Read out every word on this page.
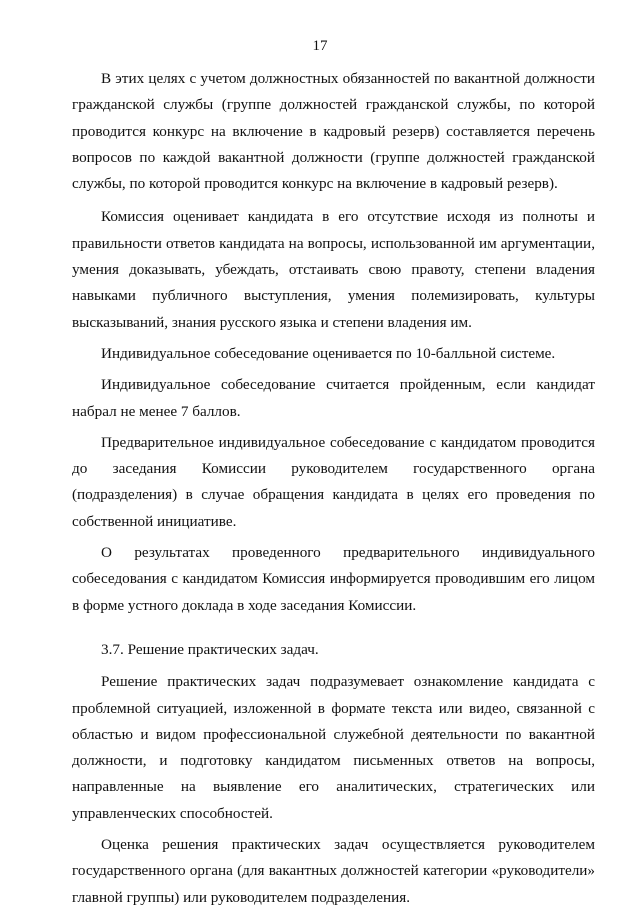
17

В этих целях с учетом должностных обязанностей по вакантной должности гражданской службы (группе должностей гражданской службы, по которой проводится конкурс на включение в кадровый резерв) составляется перечень вопросов по каждой вакантной должности (группе должностей гражданской службы, по которой проводится конкурс на включение в кадровый резерв).

Комиссия оценивает кандидата в его отсутствие исходя из полноты и правильности ответов кандидата на вопросы, использованной им аргументации, умения доказывать, убеждать, отстаивать свою правоту, степени владения навыками публичного выступления, умения полемизировать, культуры высказываний, знания русского языка и степени владения им.

Индивидуальное собеседование оценивается по 10-балльной системе.

Индивидуальное собеседование считается пройденным, если кандидат набрал не менее 7 баллов.

Предварительное индивидуальное собеседование с кандидатом проводится до заседания Комиссии руководителем государственного органа (подразделения) в случае обращения кандидата в целях его проведения по собственной инициативе.

О результатах проведенного предварительного индивидуального собеседования с кандидатом Комиссия информируется проводившим его лицом в форме устного доклада в ходе заседания Комиссии.

3.7. Решение практических задач.

Решение практических задач подразумевает ознакомление кандидата с проблемной ситуацией, изложенной в формате текста или видео, связанной с областью и видом профессиональной служебной деятельности по вакантной должности, и подготовку кандидатом письменных ответов на вопросы, направленные на выявление его аналитических, стратегических или управленческих способностей.

Оценка решения практических задач осуществляется руководителем государственного органа (для вакантных должностей категории «руководители» главной группы) или руководителем подразделения.
